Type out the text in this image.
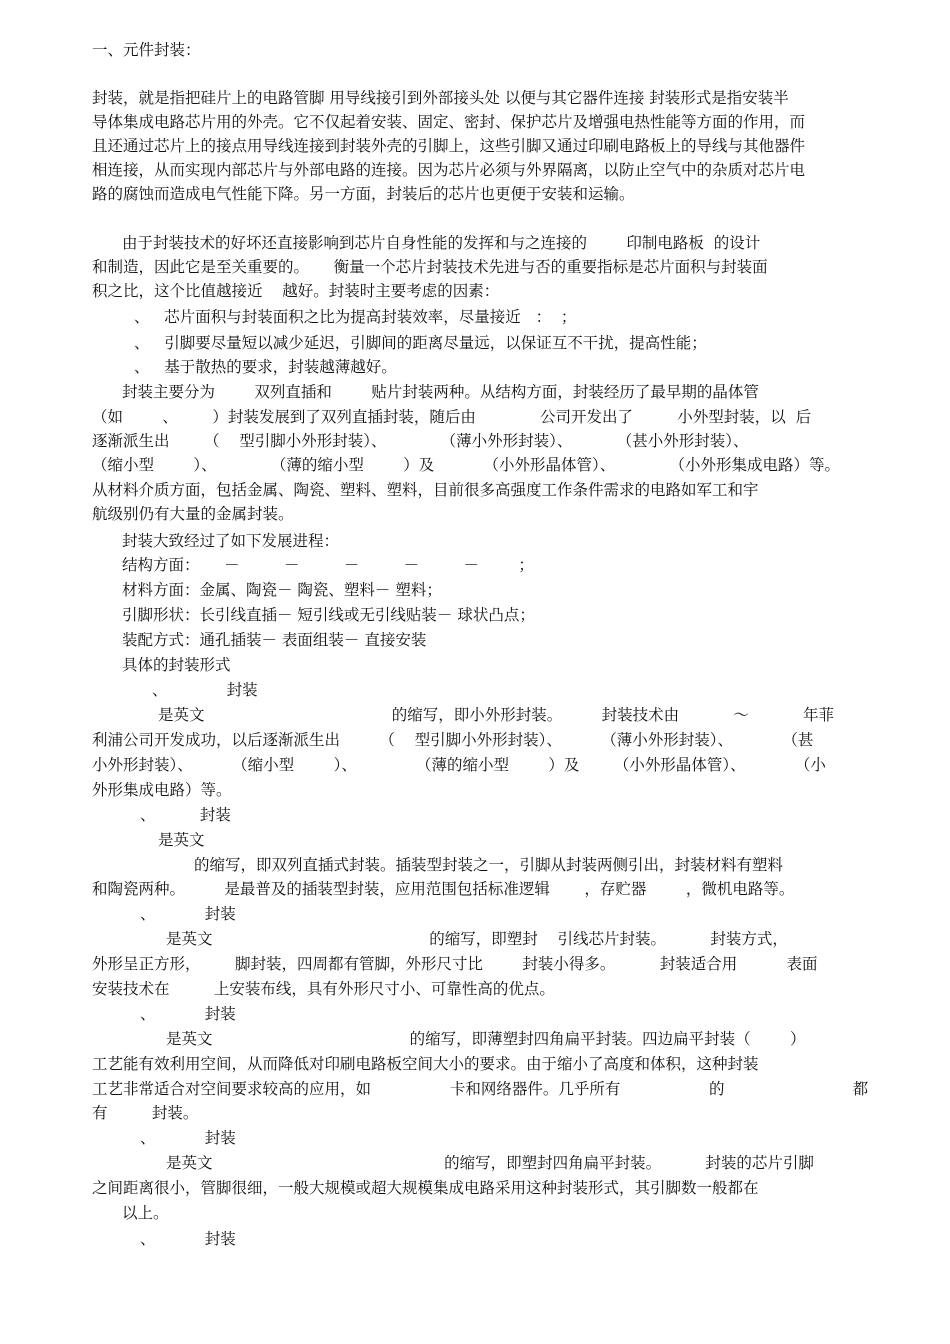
一、元件封装：
封装，就是指把硅片上的电路管脚 用导线接引到外部接头处 以便与其它器件连接 封装形式是指安装半
导体集成电路芯片用的外壳。它不仅起着安装、固定、密封、保护芯片及增强电热性能等方面的作用，而
且还通过芯片上的接点用导线连接到封装外壳的引脚上，这些引脚又通过印刷电路板上的导线与其他器件
相连接，从而实现内部芯片与外部电路的连接。因为芯片必须与外界隔离，以防止空气中的杂质对芯片电
路的腐蚀而造成电气性能下降。另一方面，封装后的芯片也更便于安装和运输。
由于封装技术的好坏还直接影响到芯片自身性能的发挥和与之连接的        印制电路板  的设计
和制造，因此它是至关重要的。     衡量一个芯片封装技术先进与否的重要指标是芯片面积与封装面
积之比，这个比值越接近    越好。封装时主要考虑的因素：
、   芯片面积与封装面积之比为提高封装效率，尽量接近   ：  ；
、   引脚要尽量短以减少延迟，引脚间的距离尽量远，以保证互不干扰，提高性能；
、   基于散热的要求，封装越薄越好。
封装主要分为        双列直插和        贴片封装两种。从结构方面，封装经历了最早期的晶体管
（如        、       ）封装发展到了双列直插封装，随后由             公司开发出了         小外型封装，以  后
逐渐派生出       （    型引脚小外形封装）、           （薄小外形封装）、         （甚小外形封装）、
（缩小型        ）、           （薄的缩小型        ）及          （小外形晶体管）、           （小外形集成电路）等。
从材料介质方面，包括金属、陶瓷、塑料、塑料，目前很多高强度工作条件需求的电路如军工和宇
航级别仍有大量的金属封装。
封装大致经过了如下发展进程：
结构方面：     －         －         －         －         －        ；
材料方面：金属、陶瓷－ 陶瓷、塑料－ 塑料；
引脚形状：长引线直插－ 短引线或无引线贴装－ 球状凸点；
装配方式：通孔插装－ 表面组装－ 直接安装
具体的封装形式
、            封装
是英文                                      的缩写，即小外形封装。        封装技术由           ～           年菲
利浦公司开发成功，以后逐渐派生出        （    型引脚小外形封装）、        （薄小外形封装）、          （甚
小外形封装）、        （缩小型        ）、            （薄的缩小型        ）及       （小外形晶体管）、          （小
外形集成电路）等。
、         封装
是英文
的缩写，即双列直插式封装。插装型封装之一，引脚从封装两侧引出，封装材料有塑料
和陶瓷两种。        是最普及的插装型封装，应用范围包括标准逻辑       ，存贮器        ，微机电路等。
、          封装
是英文                                            的缩写，即塑封    引线芯片封装。         封装方式，
外形呈正方形，       脚封装，四周都有管脚，外形尺寸比        封装小得多。         封装适合用          表面
安装技术在         上安装布线，具有外形尺寸小、可靠性高的优点。
、          封装
是英文                                        的缩写，即薄塑封四角扁平封装。四边扁平封装（        ）
工艺能有效利用空间，从而降低对印刷电路板空间大小的要求。由于缩小了高度和体积，这种封装
工艺非常适合对空间要求较高的应用，如                卡和网络器件。几乎所有                  的                          都
有         封装。
、          封装
是英文                                               的缩写，即塑封四角扁平封装。         封装的芯片引脚
之间距离很小，管脚很细，一般大规模或超大规模集成电路采用这种封装形式，其引脚数一般都在
以上。
、          封装
